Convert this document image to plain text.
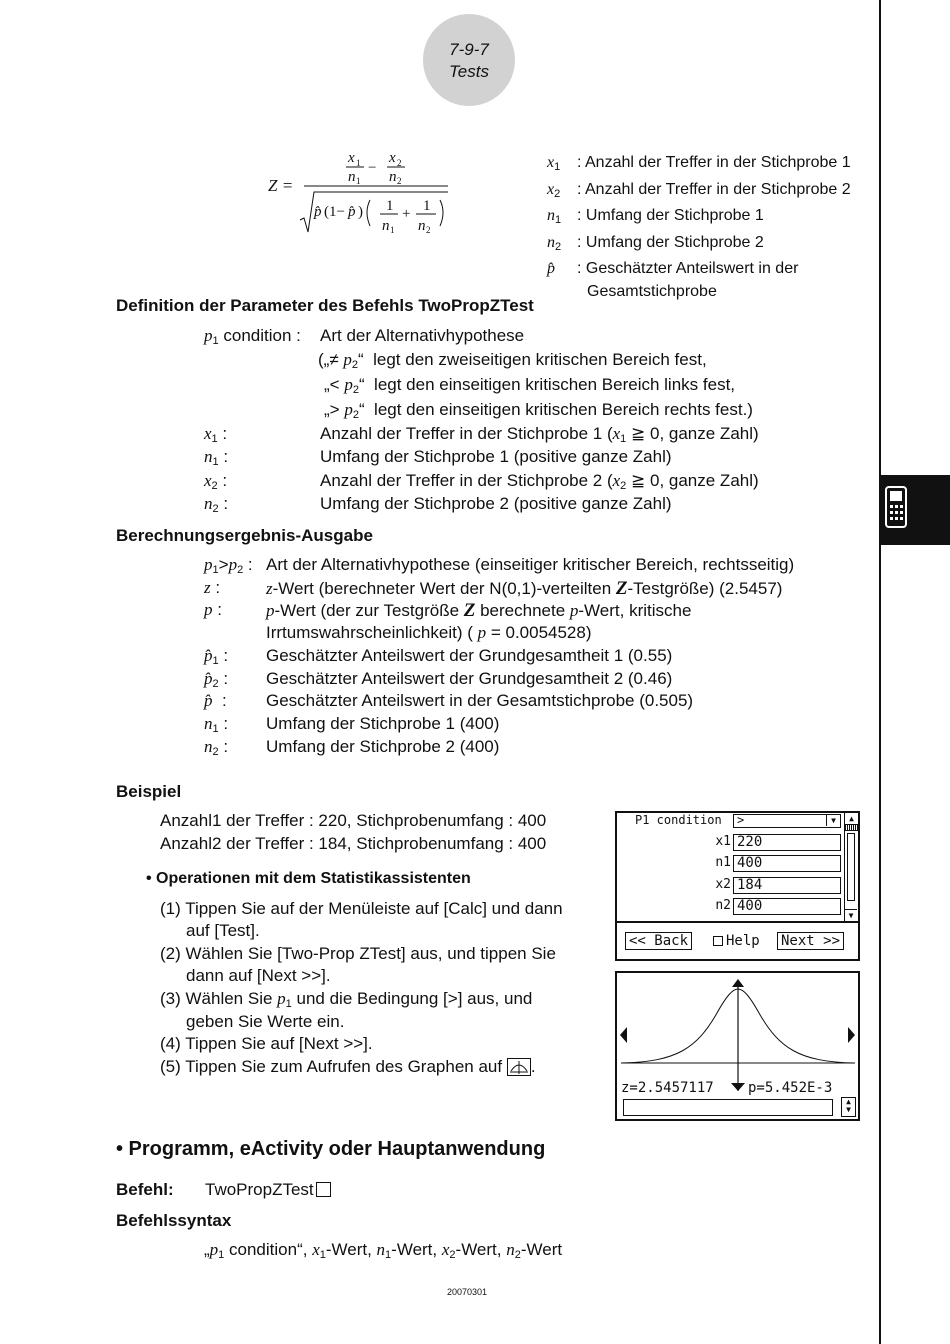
7-9-7
Tests
Z =
x 1
n 1
−
x 2
n 2
p̂ (1− p̂ ) 1
n 1
+ 1
n 2
$x_1$ : Anzahl der Treffer in der Stichprobe 1
$x_2$ : Anzahl der Treffer in der Stichprobe 2
$n_1$ : Umfang der Stichprobe 1
$n_2$ : Umfang der Stichprobe 2
p̂ : Geschätzter Anteilswert in der
Gesamtstichprobe
Definition der Parameter des Befehls TwoPropZTest
$p_1$ condition : Art der Alternativhypothese
(„≠ $p_2“$  legt den zweiseitigen kritischen Bereich fest,
„< $p_2“$  legt den einseitigen kritischen Bereich links fest,
„> $p_2“$  legt den einseitigen kritischen Bereich rechts fest.)
$x_1$ :	Anzahl der Treffer in der Stichprobe 1 ($x_1$ ≧ 0, ganze Zahl)
$n_1$ :	Umfang der Stichprobe 1 (positive ganze Zahl)
$x_2$ :	Anzahl der Treffer in der Stichprobe 2 ($x_2$ ≧ 0, ganze Zahl)
$n_2$ :	Umfang der Stichprobe 2 (positive ganze Zahl)
Berechnungsergebnis-Ausgabe
$p_1>p_2$ : Art der Alternativhypothese (einseitiger kritischer Bereich, rechtsseitig)
z :	z-Wert (berechneter Wert der N(0,1)-verteilten Z-Testgröße) (2.5457)
p :	p-Wert (der zur Testgröße Z berechnete p-Wert, kritische
Irrtumswahrscheinlichkeit) ( p = 0.0054528)
$p̂_1$ : Geschätzter Anteilswert der Grundgesamtheit 1 (0.55)
$p̂_2$ : Geschätzter Anteilswert der Grundgesamtheit 2 (0.46)
p̂  : Geschätzter Anteilswert in der Gesamtstichprobe (0.505)
$n_1$ : Umfang der Stichprobe 1 (400)
$n_2$ : Umfang der Stichprobe 2 (400)
Beispiel
Anzahl1 der Treffer : 220, Stichprobenumfang : 400
Anzahl2 der Treffer : 184, Stichprobenumfang : 400
• Operationen mit dem Statistikassistenten
(1) Tippen Sie auf der Menüleiste auf [Calc] und dann
auf [Test].
(2) Wählen Sie [Two-Prop ZTest] aus, und tippen Sie
dann auf [Next >>].
(3) Wählen Sie $p_1$ und die Bedingung [>] aus, und
geben Sie Werte ein.
(4) Tippen Sie auf [Next >>].
(5) Tippen Sie zum Aufrufen des Graphen auf .
P1 condition	>	▼
x1 220
n1 400
x2 184
n2 400
▲
▼
<< Back	Help Next >>
z=2.5457117 p=5.452E-3
▲
▼
• Programm, eActivity oder Hauptanwendung
Befehl: TwoPropZTest
Befehlssyntax
$„p_1$ condition“, $x_1$-Wert, $n_1$-Wert, $x_2$-Wert, $n_2$-Wert
20070301
